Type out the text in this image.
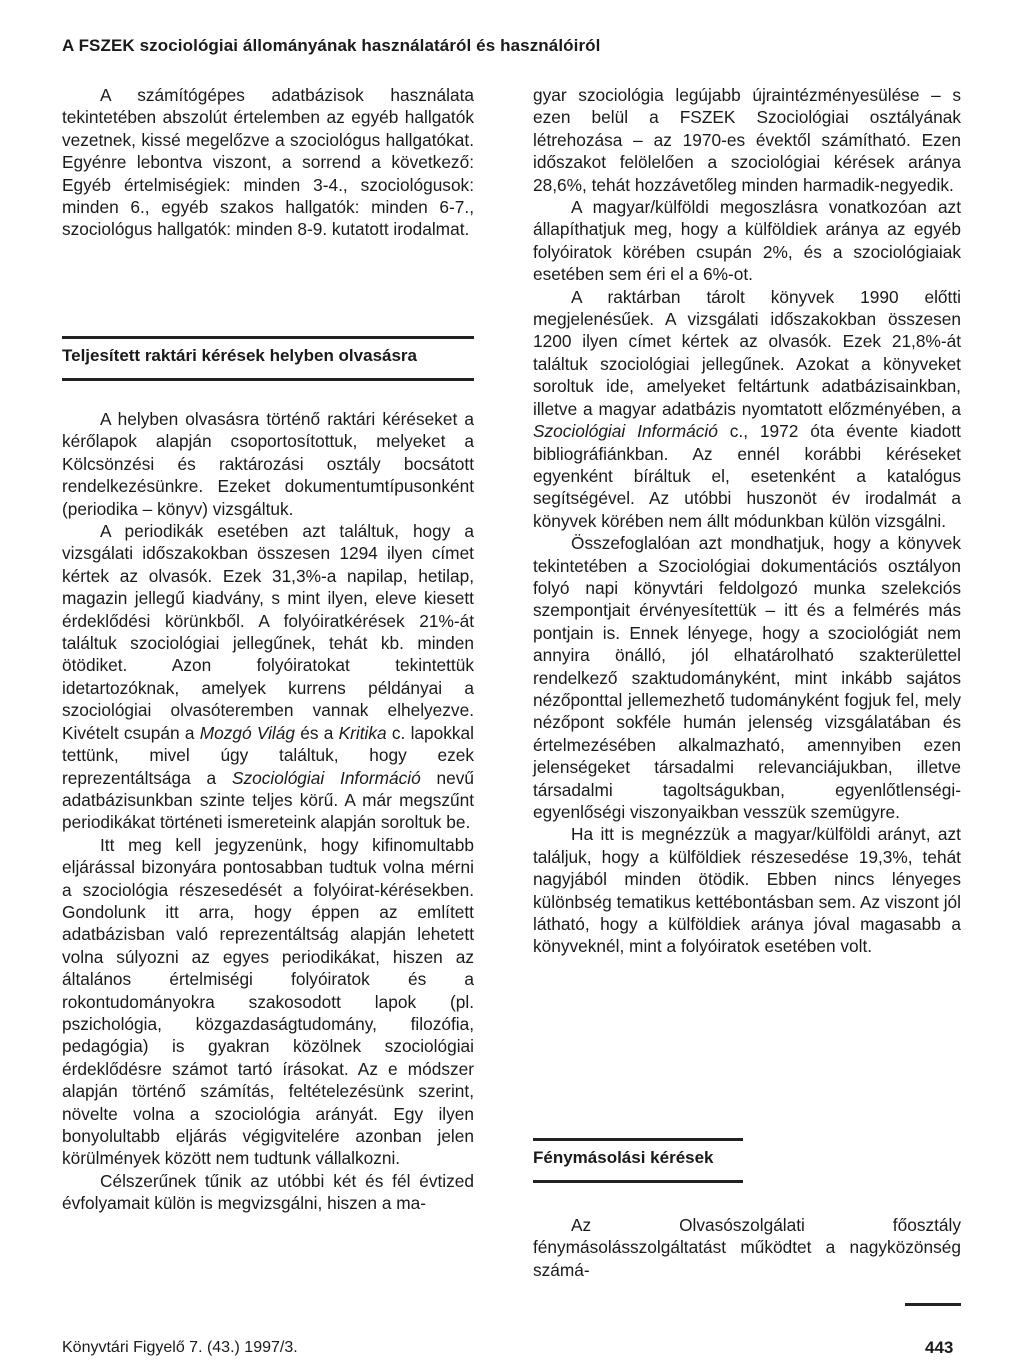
A FSZEK szociológiai állományának használatáról és használóiról

A számítógépes adatbázisok használata tekintetében abszolút értelemben az egyéb hallgatók vezetnek, kissé megelőzve a szociológus hallgatókat. Egyénre lebontva viszont, a sorrend a következő: Egyéb értelmiségiek: minden 3-4., szociológusok: minden 6., egyéb szakos hallgatók: minden 6-7., szociológus hallgatók: minden 8-9. kutatott irodalmat.

Teljesített raktári kérések helyben olvasásra

A helyben olvasásra történő raktári kéréseket a kérőlapok alapján csoportosítottuk, melyeket a Kölcsönzési és raktározási osztály bocsátott rendelkezésünkre. Ezeket dokumentumtípusonként (periodika – könyv) vizsgáltuk.

A periodikák esetében azt találtuk, hogy a vizsgálati időszakokban összesen 1294 ilyen címet kértek az olvasók. Ezek 31,3%-a napilap, hetilap, magazin jellegű kiadvány, s mint ilyen, eleve kiesett érdeklődési körünkből. A folyóiratkérések 21%-át találtuk szociológiai jellegűnek, tehát kb. minden ötödiket. Azon folyóiratokat tekintettük idetartozóknak, amelyek kurrens példányai a szociológiai olvasóteremben vannak elhelyezve. Kivételt csupán a Mozgó Világ és a Kritika c. lapokkal tettünk, mivel úgy találtuk, hogy ezek reprezentáltsága a Szociológiai Információ nevű adatbázisunkban szinte teljes körű. A már megszűnt periodikákat történeti ismereteink alapján soroltuk be.

Itt meg kell jegyzenünk, hogy kifinomultabb eljárással bizonyára pontosabban tudtuk volna mérni a szociológia részesedését a folyóirat-kérésekben. Gondolunk itt arra, hogy éppen az említett adatbázisban való reprezentáltság alapján lehetett volna súlyozni az egyes periodikákat, hiszen az általános értelmiségi folyóiratok és a rokontudományokra szakosodott lapok (pl. pszichológia, közgazdaságtudomány, filozófia, pedagógia) is gyakran közölnek szociológiai érdeklődésre számot tartó írásokat. Az e módszer alapján történő számítás, feltételezésünk szerint, növelte volna a szociológia arányát. Egy ilyen bonyolultabb eljárás végigvitelére azonban jelen körülmények között nem tudtunk vállalkozni.

Célszerűnek tűnik az utóbbi két és fél évtized évfolyamait külön is megvizsgálni, hiszen a ma-

gyar szociológia legújabb újraintézményesülése – s ezen belül a FSZEK Szociológiai osztályának létrehozása – az 1970-es évektől számítható. Ezen időszakot felölelően a szociológiai kérések aránya 28,6%, tehát hozzávetőleg minden harmadik-negyedik.

A magyar/külföldi megoszlásra vonatkozóan azt állapíthatjuk meg, hogy a külföldiek aránya az egyéb folyóiratok körében csupán 2%, és a szociológiaiak esetében sem éri el a 6%-ot.

A raktárban tárolt könyvek 1990 előtti megjelenésűek. A vizsgálati időszakokban összesen 1200 ilyen címet kértek az olvasók. Ezek 21,8%-át találtuk szociológiai jellegűnek. Azokat a könyveket soroltuk ide, amelyeket feltártunk adatbázisainkban, illetve a magyar adatbázis nyomtatott előzményében, a Szociológiai Információ c., 1972 óta évente kiadott bibliográfiánkban. Az ennél korábbi kéréseket egyenként bíráltuk el, esetenként a katalógus segítségével. Az utóbbi huszonöt év irodalmát a könyvek körében nem állt módunkban külön vizsgálni.

Összefoglalóan azt mondhatjuk, hogy a könyvek tekintetében a Szociológiai dokumentációs osztályon folyó napi könyvtári feldolgozó munka szelekciós szempontjait érvényesítettük – itt és a felmérés más pontjain is. Ennek lényege, hogy a szociológiát nem annyira önálló, jól elhatárolható szakterülettel rendelkező szaktudományként, mint inkább sajátos nézőponttal jellemezhető tudományként fogjuk fel, mely nézőpont sokféle humán jelenség vizsgálatában és értelmezésében alkalmazható, amennyiben ezen jelenségeket társadalmi relevanciájukban, illetve társadalmi tagoltságukban, egyenlőtlenségi-egyenlőségi viszonyaikban vesszük szemügyre.

Ha itt is megnézzük a magyar/külföldi arányt, azt találjuk, hogy a külföldiek részesedése 19,3%, tehát nagyjából minden ötödik. Ebben nincs lényeges különbség tematikus kettébontásban sem. Az viszont jól látható, hogy a külföldiek aránya jóval magasabb a könyveknél, mint a folyóiratok esetében volt.

Fénymásolási kérések

Az Olvasószolgálati főosztály fénymásolásszolgáltatást működtet a nagyközönség számá-

Könyvtári Figyelő 7. (43.) 1997/3.	443
